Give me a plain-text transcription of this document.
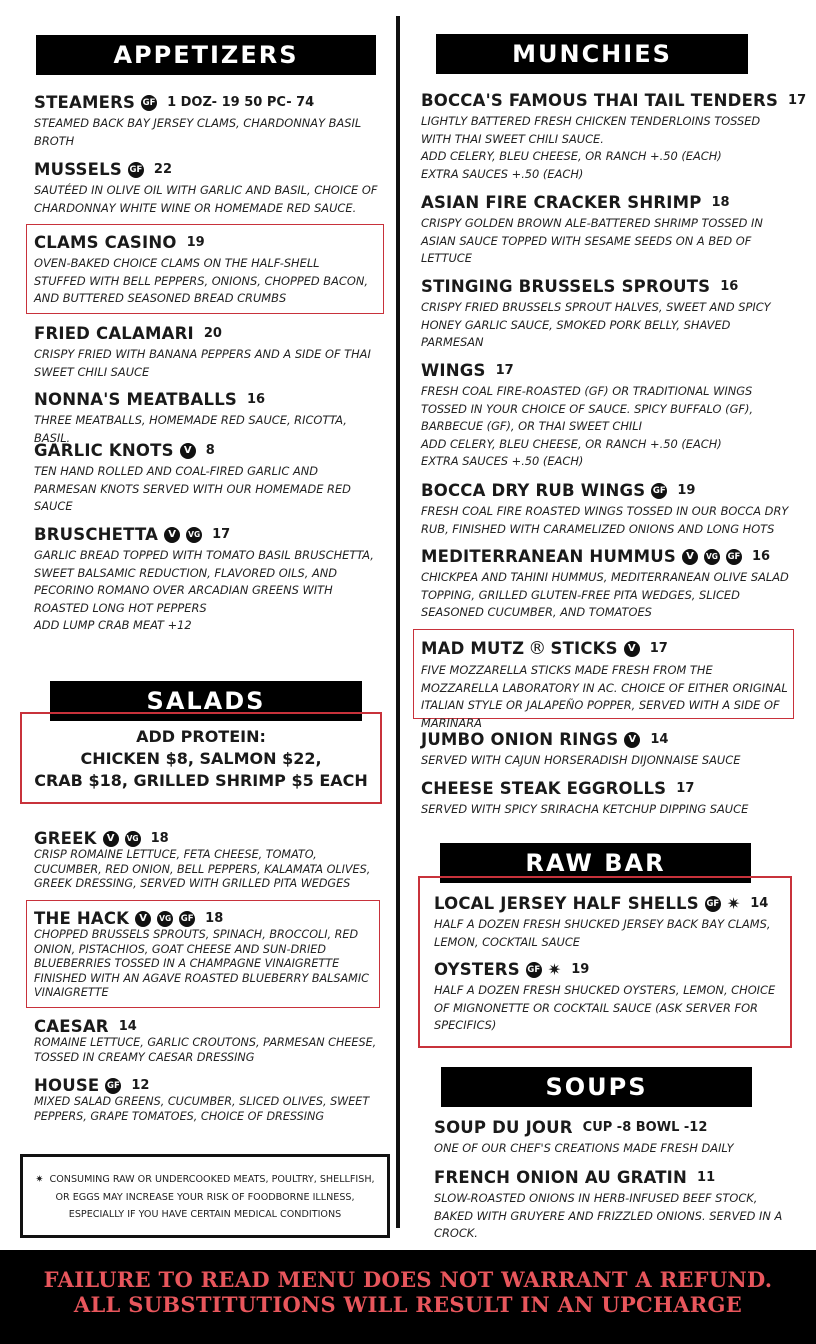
APPETIZERS
STEAMERS GF 1 DOZ- 19 50 PC- 74
STEAMED BACK BAY JERSEY CLAMS, CHARDONNAY BASIL BROTH
MUSSELS GF 22
SAUTÉED IN OLIVE OIL WITH GARLIC AND BASIL, CHOICE OF CHARDONNAY WHITE WINE OR HOMEMADE RED SAUCE.
CLAMS CASINO 19
OVEN-BAKED CHOICE CLAMS ON THE HALF-SHELL STUFFED WITH BELL PEPPERS, ONIONS, CHOPPED BACON, AND BUTTERED SEASONED BREAD CRUMBS
FRIED CALAMARI 20
CRISPY FRIED WITH BANANA PEPPERS AND A SIDE OF THAI SWEET CHILI SAUCE
NONNA'S MEATBALLS 16
THREE MEATBALLS, HOMEMADE RED SAUCE, RICOTTA, BASIL.
GARLIC KNOTS	V	8
TEN HAND ROLLED AND COAL-FIRED GARLIC AND PARMESAN KNOTS SERVED WITH OUR HOMEMADE RED SAUCE
BRUSCHETTA	V	VG 17
GARLIC BREAD TOPPED WITH TOMATO BASIL BRUSCHETTA, SWEET BALSAMIC REDUCTION, FLAVORED OILS, AND PECORINO ROMANO OVER ARCADIAN GREENS WITH ROASTED LONG HOT PEPPERS
ADD LUMP CRAB MEAT +12
SALADS
ADD PROTEIN:
CHICKEN $8, SALMON $22,
CRAB $18, GRILLED SHRIMP $5 EACH
GREEK	V	VG 18
CRISP ROMAINE LETTUCE, FETA CHEESE, TOMATO, CUCUMBER, RED ONION, BELL PEPPERS, KALAMATA OLIVES, GREEK DRESSING, SERVED WITH GRILLED PITA WEDGES
THE HACK	V	VG GF 18
CHOPPED BRUSSELS SPROUTS, SPINACH, BROCCOLI, RED ONION, PISTACHIOS, GOAT CHEESE AND SUN-DRIED BLUEBERRIES TOSSED IN A CHAMPAGNE VINAIGRETTE FINISHED WITH AN AGAVE ROASTED BLUEBERRY BALSAMIC VINAIGRETTE
CAESAR 14
ROMAINE LETTUCE, GARLIC CROUTONS, PARMESAN CHEESE, TOSSED IN CREAMY CAESAR DRESSING
HOUSE GF 12
MIXED SALAD GREENS, CUCUMBER, SLICED OLIVES, SWEET PEPPERS, GRAPE TOMATOES, CHOICE OF DRESSING
✷ CONSUMING RAW OR UNDERCOOKED MEATS, POULTRY, SHELLFISH, OR EGGS MAY INCREASE YOUR RISK OF FOODBORNE ILLNESS, ESPECIALLY IF YOU HAVE CERTAIN MEDICAL CONDITIONS
MUNCHIES
BOCCA'S FAMOUS THAI TAIL TENDERS 17
LIGHTLY BATTERED FRESH CHICKEN TENDERLOINS TOSSED WITH THAI SWEET CHILI SAUCE.
ADD CELERY, BLEU CHEESE, OR RANCH +.50 (EACH)
EXTRA SAUCES +.50 (EACH)
ASIAN FIRE CRACKER SHRIMP 18
CRISPY GOLDEN BROWN ALE-BATTERED SHRIMP TOSSED IN ASIAN SAUCE TOPPED WITH SESAME SEEDS ON A BED OF LETTUCE
STINGING BRUSSELS SPROUTS 16
CRISPY FRIED BRUSSELS SPROUT HALVES, SWEET AND SPICY HONEY GARLIC SAUCE, SMOKED PORK BELLY, SHAVED PARMESAN
WINGS 17
FRESH COAL FIRE-ROASTED (GF) OR TRADITIONAL WINGS TOSSED IN YOUR CHOICE OF SAUCE. SPICY BUFFALO (GF), BARBECUE (GF), OR THAI SWEET CHILI
ADD CELERY, BLEU CHEESE, OR RANCH +.50 (EACH)
EXTRA SAUCES +.50 (EACH)
BOCCA DRY RUB WINGS GF 19
FRESH COAL FIRE ROASTED WINGS TOSSED IN OUR BOCCA DRY RUB, FINISHED WITH CARAMELIZED ONIONS AND LONG HOTS
MEDITERRANEAN HUMMUS	V	VG GF 16
CHICKPEA AND TAHINI HUMMUS, MEDITERRANEAN OLIVE SALAD TOPPING, GRILLED GLUTEN-FREE PITA WEDGES, SLICED SEASONED CUCUMBER, AND TOMATOES
MAD MUTZ ® STICKS	V	17
FIVE MOZZARELLA STICKS MADE FRESH FROM THE MOZZARELLA LABORATORY IN AC. CHOICE OF EITHER ORIGINAL ITALIAN STYLE OR JALAPEÑO POPPER, SERVED WITH A SIDE OF MARINARA
JUMBO ONION RINGS	V	14
SERVED WITH CAJUN HORSERADISH DIJONNAISE SAUCE
CHEESE STEAK EGGROLLS 17
SERVED WITH SPICY SRIRACHA KETCHUP DIPPING SAUCE
RAW BAR
LOCAL JERSEY HALF SHELLS GF ✷ 14
HALF A DOZEN FRESH SHUCKED JERSEY BACK BAY CLAMS, LEMON, COCKTAIL SAUCE
OYSTERS GF ✷ 19
HALF A DOZEN FRESH SHUCKED OYSTERS, LEMON, CHOICE OF MIGNONETTE OR COCKTAIL SAUCE (ASK SERVER FOR SPECIFICS)
SOUPS
SOUP DU JOUR CUP -8 BOWL -12
ONE OF OUR CHEF'S CREATIONS MADE FRESH DAILY
FRENCH ONION AU GRATIN 11
SLOW-ROASTED ONIONS IN HERB-INFUSED BEEF STOCK, BAKED WITH GRUYERE AND FRIZZLED ONIONS. SERVED IN A CROCK.
FAILURE TO READ MENU DOES NOT WARRANT A REFUND.
ALL SUBSTITUTIONS WILL RESULT IN AN UPCHARGE
